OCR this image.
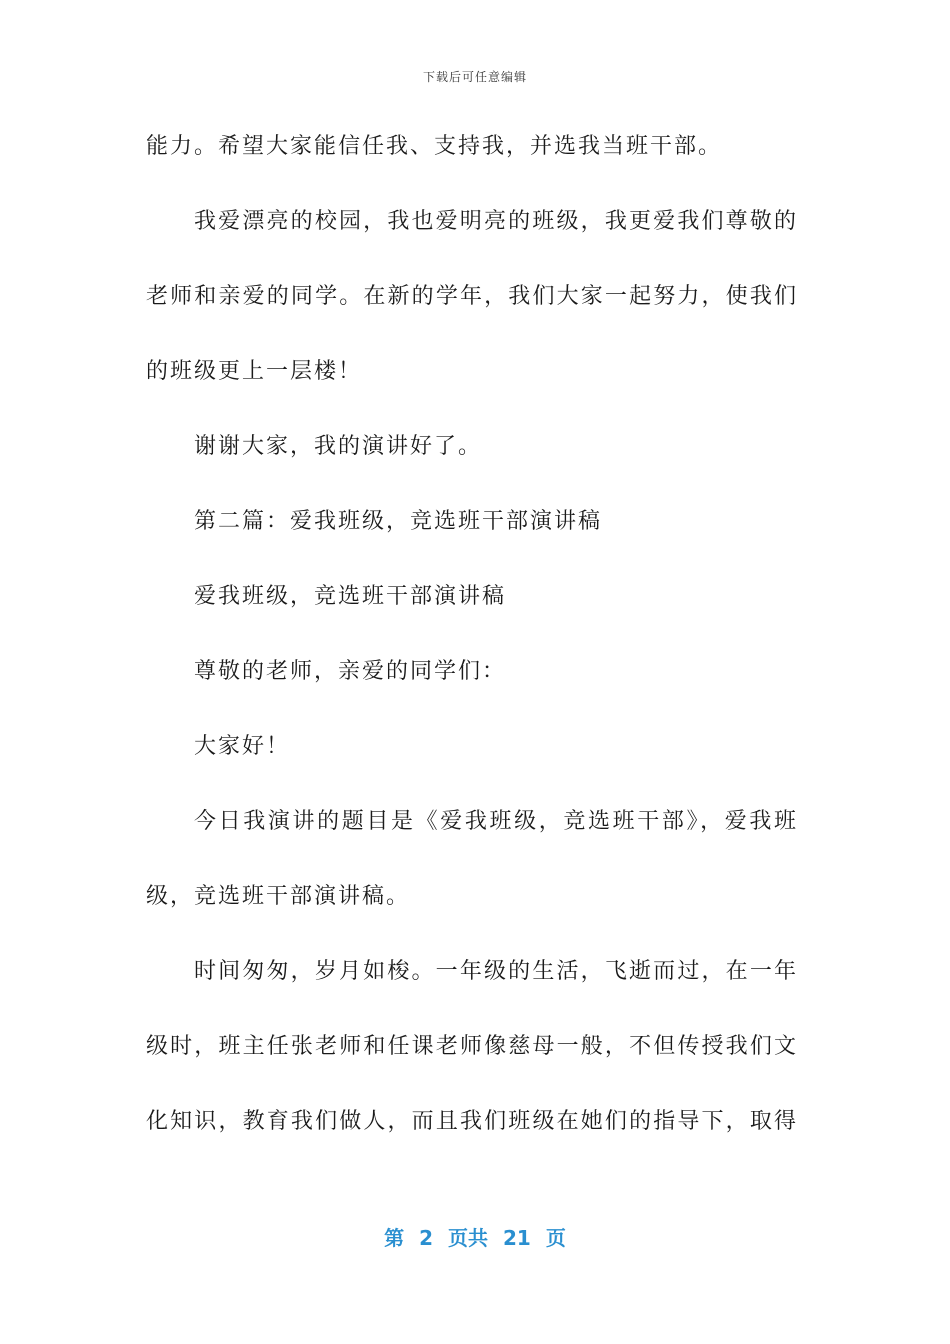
下载后可任意编辑
能力。希望大家能信任我、支持我，并选我当班干部。
我爱漂亮的校园，我也爱明亮的班级，我更爱我们尊敬的
老师和亲爱的同学。在新的学年，我们大家一起努力，使我们
的班级更上一层楼！
谢谢大家，我的演讲好了。
第二篇：爱我班级，竞选班干部演讲稿
爱我班级，竞选班干部演讲稿
尊敬的老师，亲爱的同学们：
大家好！
今日我演讲的题目是《爱我班级，竞选班干部》，爱我班
级，竞选班干部演讲稿。
时间匆匆，岁月如梭。一年级的生活，飞逝而过，在一年
级时，班主任张老师和任课老师像慈母一般，不但传授我们文
化知识，教育我们做人，而且我们班级在她们的指导下，取得
第 2 页共 21 页
